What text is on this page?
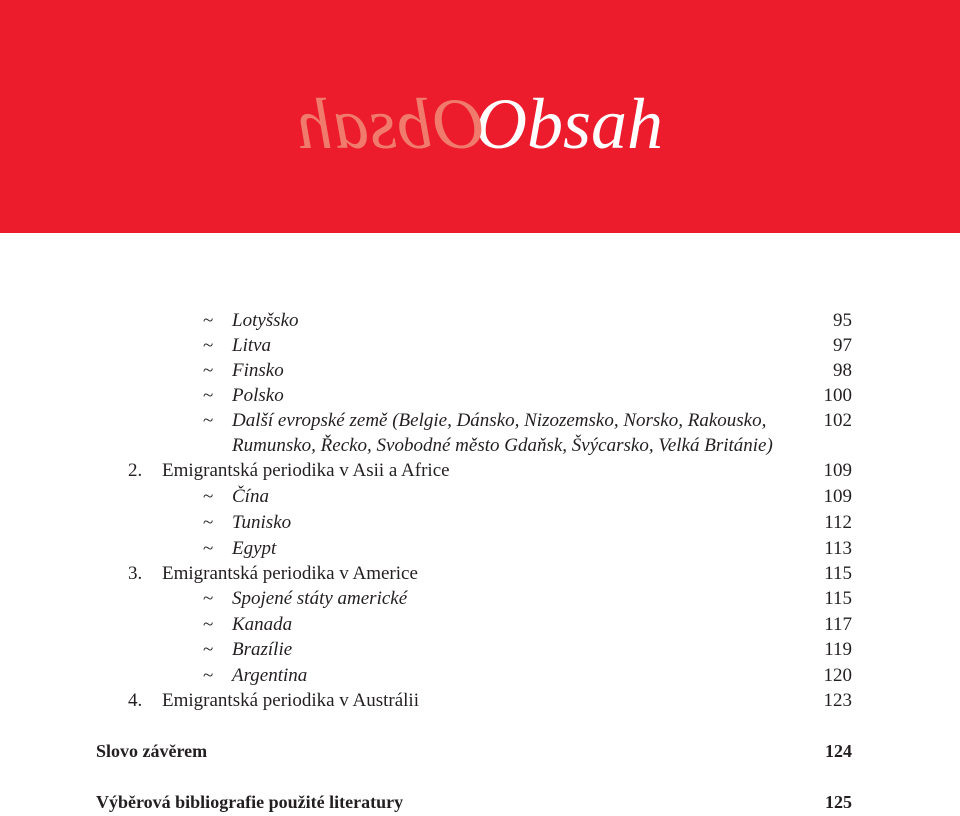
ObsahObsah
~ Lotyšsko	95
~ Litva	97
~ Finsko	98
~ Polsko	100
~ Další evropské země (Belgie, Dánsko, Nizozemsko, Norsko, Rakousko,	102
Rumunsko, Řecko, Svobodné město Gdaňsk, Švýcarsko, Velká Británie)
2. Emigrantská periodika v Asii a Africe	109
~ Čína	109
~ Tunisko	112
~ Egypt	113
3. Emigrantská periodika v Americe	115
~ Spojené státy americké	115
~ Kanada	117
~ Brazílie	119
~ Argentina	120
4. Emigrantská periodika v Austrálii	123
Slovo závěrem	124
Výběrová bibliografie použité literatury	125
